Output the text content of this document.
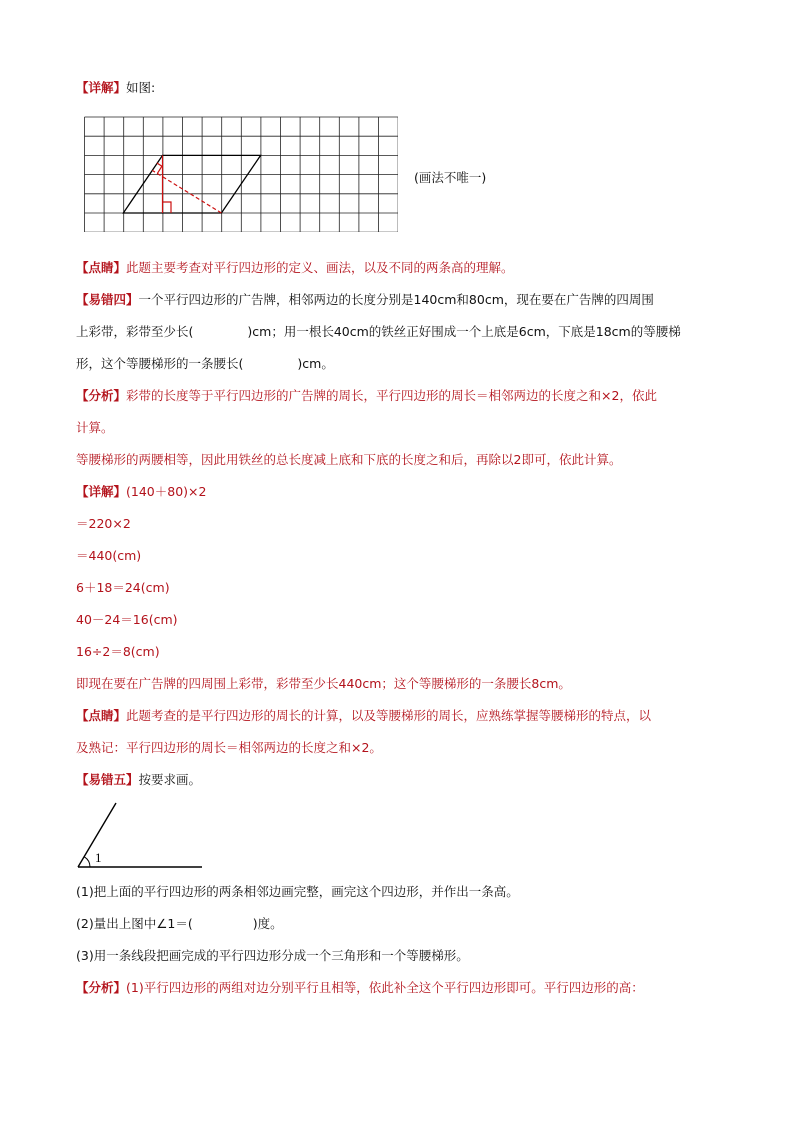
【详解】如图:
(画法不唯一)
【点睛】此题主要考查对平行四边形的定义、画法，以及不同的两条高的理解。
【易错四】一个平行四边形的广告牌，相邻两边的长度分别是140cm和80cm，现在要在广告牌的四周围
上彩带，彩带至少长(	)cm；用一根长40cm的铁丝正好围成一个上底是6cm，下底是18cm的等腰梯
形，这个等腰梯形的一条腰长(	)cm。
【分析】彩带的长度等于平行四边形的广告牌的周长，平行四边形的周长＝相邻两边的长度之和×2，依此
计算。
等腰梯形的两腰相等，因此用铁丝的总长度减上底和下底的长度之和后，再除以2即可，依此计算。
【详解】(140＋80)×2
＝220×2
＝440(cm)
6＋18＝24(cm)
40－24＝16(cm)
16÷2＝8(cm)
即现在要在广告牌的四周围上彩带，彩带至少长440cm；这个等腰梯形的一条腰长8cm。
【点睛】此题考查的是平行四边形的周长的计算，以及等腰梯形的周长，应熟练掌握等腰梯形的特点，以
及熟记：平行四边形的周长＝相邻两边的长度之和×2。
【易错五】按要求画。
1
(1)把上面的平行四边形的两条相邻边画完整，画完这个四边形，并作出一条高。
(2)量出上图中∠1＝(	)度。
(3)用一条线段把画完成的平行四边形分成一个三角形和一个等腰梯形。
【分析】(1)平行四边形的两组对边分别平行且相等，依此补全这个平行四边形即可。平行四边形的高：
